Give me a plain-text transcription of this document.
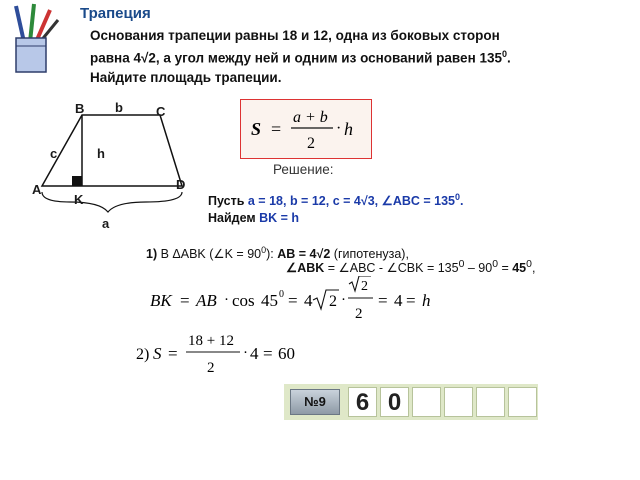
Трапеция
Основания трапеции равны 18 и 12, одна из боковых сторон
равна 4√2, а угол между ней и одним из оснований равен $135^0$.
Найдите площадь трапеции.
B	C
b
c	h
A	D
K
a
S =
a + b
2
· h
Решение:
Пусть a = 18, b = 12, c = 4√3, ∠ABC = $135^0$.
Найдем BK = h
1) В ΔABK (∠K = $90^0$): AB = 4√2 (гипотенуза),
∠ABK = ∠ABC - ∠CBK = $135^0 - 90^0 = 45^0$,
BK = AB · cos 45 0 = 4 2 ·
2
2
= 4 = h
2) S =
18 + 12
2
· 4 = 60
№9	6 0
